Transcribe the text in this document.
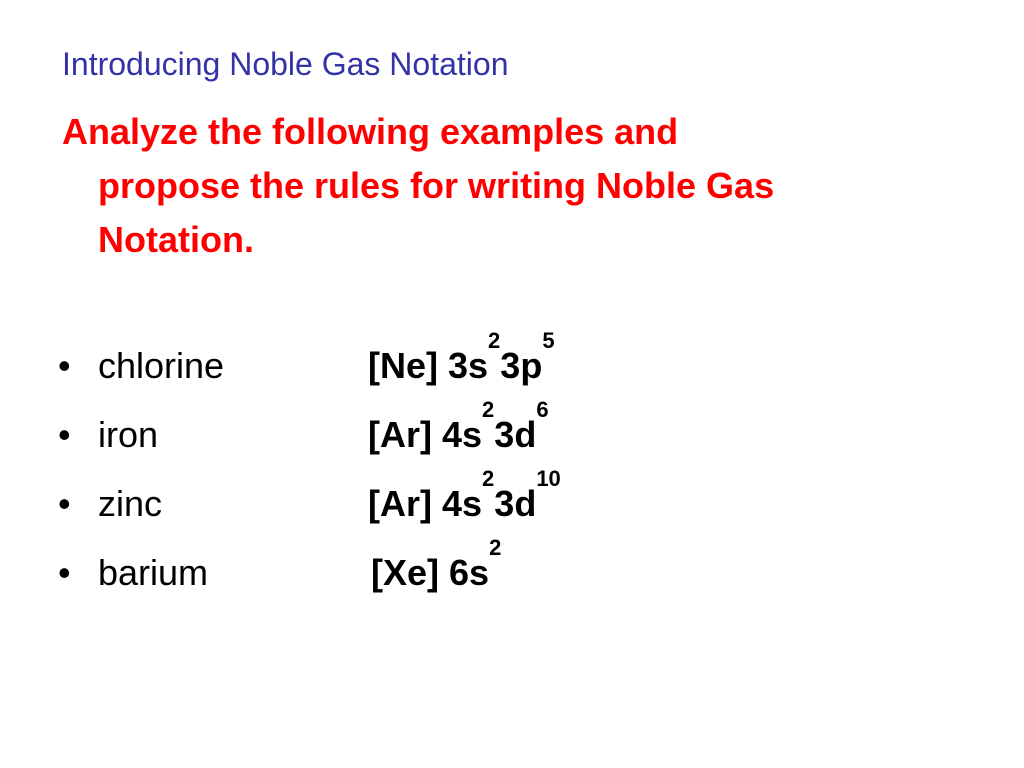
Introducing Noble Gas Notation
Analyze the following examples and
propose the rules for writing Noble Gas
Notation.
• chlorine	[Ne] $3s^23p^5$
• iron	[Ar] $4s^23d^6$
• zinc	[Ar] $4s^23d^{10}$
• barium	[Xe] $6s^2$
